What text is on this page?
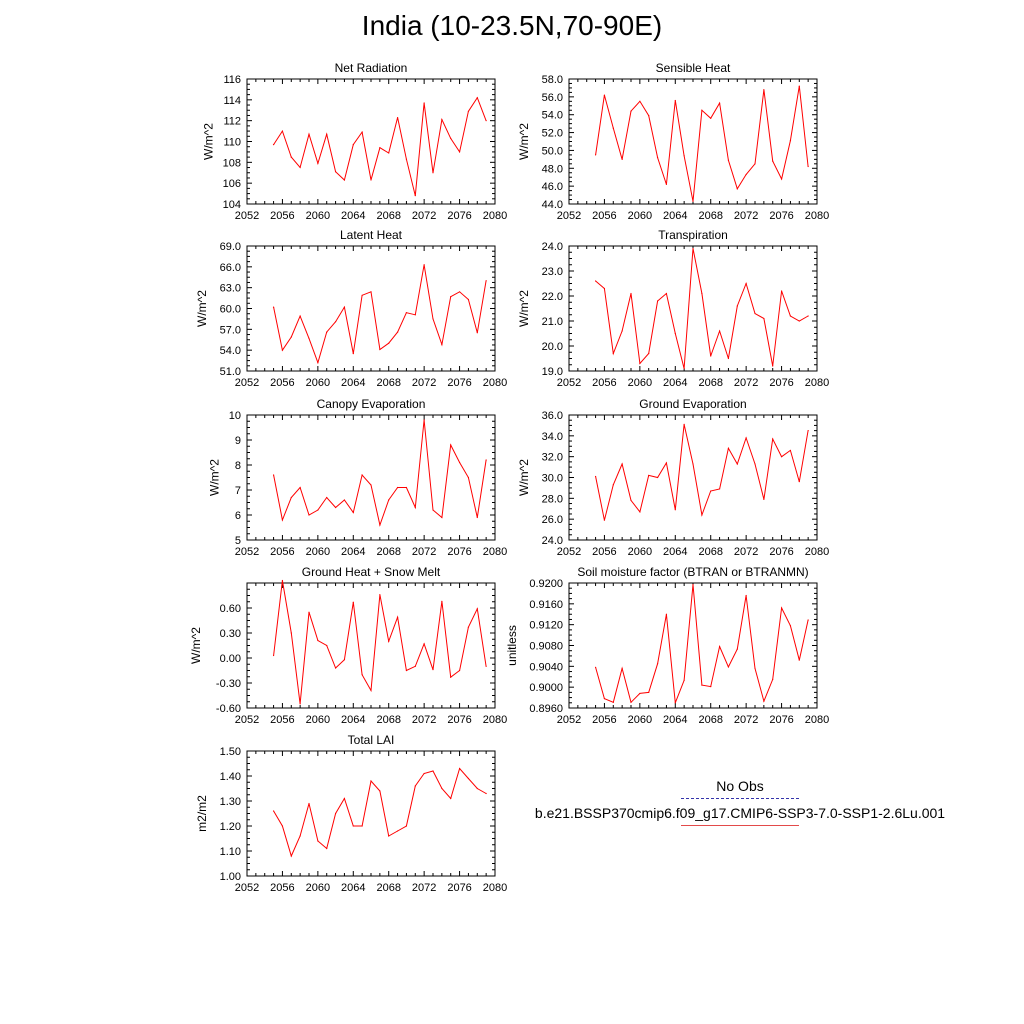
India (10-23.5N,70-90E)
2052 2056 2060 2064 2068 2072 2076 2080
104
106
108
110
112
114
116
Net Radiation
W/m^2
2052 2056 2060 2064 2068 2072 2076 2080
44.0
46.0
48.0
50.0
52.0
54.0
56.0
58.0
Sensible Heat
W/m^2
2052 2056 2060 2064 2068 2072 2076 2080
51.0
54.0
57.0
60.0
63.0
66.0
69.0
Latent Heat
W/m^2
2052 2056 2060 2064 2068 2072 2076 2080
19.0
20.0
21.0
22.0
23.0
24.0
Transpiration
W/m^2
2052 2056 2060 2064 2068 2072 2076 2080
5
6
7
8
9
10
Canopy Evaporation
W/m^2
2052 2056 2060 2064 2068 2072 2076 2080
24.0
26.0
28.0
30.0
32.0
34.0
36.0
Ground Evaporation
W/m^2
2052 2056 2060 2064 2068 2072 2076 2080
-0.60
-0.30
0.00
0.30
0.60
Ground Heat + Snow Melt
W/m^2
2052 2056 2060 2064 2068 2072 2076 2080
0.8960
0.9000
0.9040
0.9080
0.9120
0.9160
0.9200
Soil moisture factor (BTRAN or BTRANMN)
unitless
2052 2056 2060 2064 2068 2072 2076 2080
1.00
1.10
1.20
1.30
1.40
1.50
Total LAI
m2/m2
No Obs
b.e21.BSSP370cmip6.f09_g17.CMIP6-SSP3-7.0-SSP1-2.6Lu.001
